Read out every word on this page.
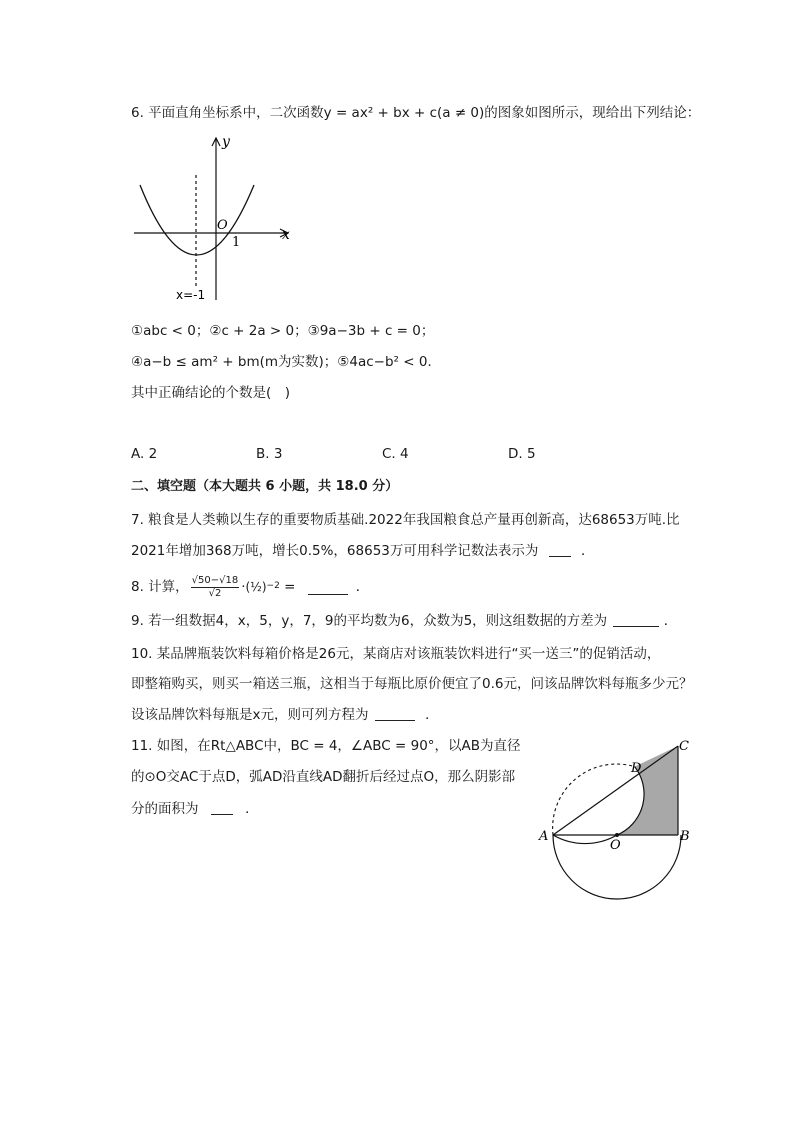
6. 平面直角坐标系中，二次函数y = ax² + bx + c(a ≠ 0)的图象如图所示，现给出下列结论：
y
x
O
1
x=-1
①abc < 0；②c + 2a > 0；③9a−3b + c = 0；
④a−b ≤ am² + bm(m为实数)；⑤4ac−b² < 0．
其中正确结论的个数是(　)
A. 2	B. 3	C. 4	D. 5
二、填空题（本大题共 6 小题，共 18.0 分）
7. 粮食是人类赖以生存的重要物质基础.2022年我国粮食总产量再创新高，达68653万吨.比
2021年增加368万吨，增长0.5%，68653万可用科学记数法表示为	．
8. 计算， $\frac{√50-√18}{√2}$ · (½) −2 =	．
9. 若一组数据4，x，5，y，7，9的平均数为6，众数为5，则这组数据的方差为	．
10. 某品牌瓶装饮料每箱价格是26元，某商店对该瓶装饮料进行“买一送三”的促销活动，
即整箱购买，则买一箱送三瓶，这相当于每瓶比原价便宜了0.6元，问该品牌饮料每瓶多少元？
设该品牌饮料每瓶是x元，则可列方程为	．
11. 如图，在Rt△ABC中，BC = 4，∠ABC = 90°，以AB为直径
的⊙O交AC于点D，弧AD沿直线AD翻折后经过点O，那么阴影部
分的面积为	．
A	B
C
D
O
